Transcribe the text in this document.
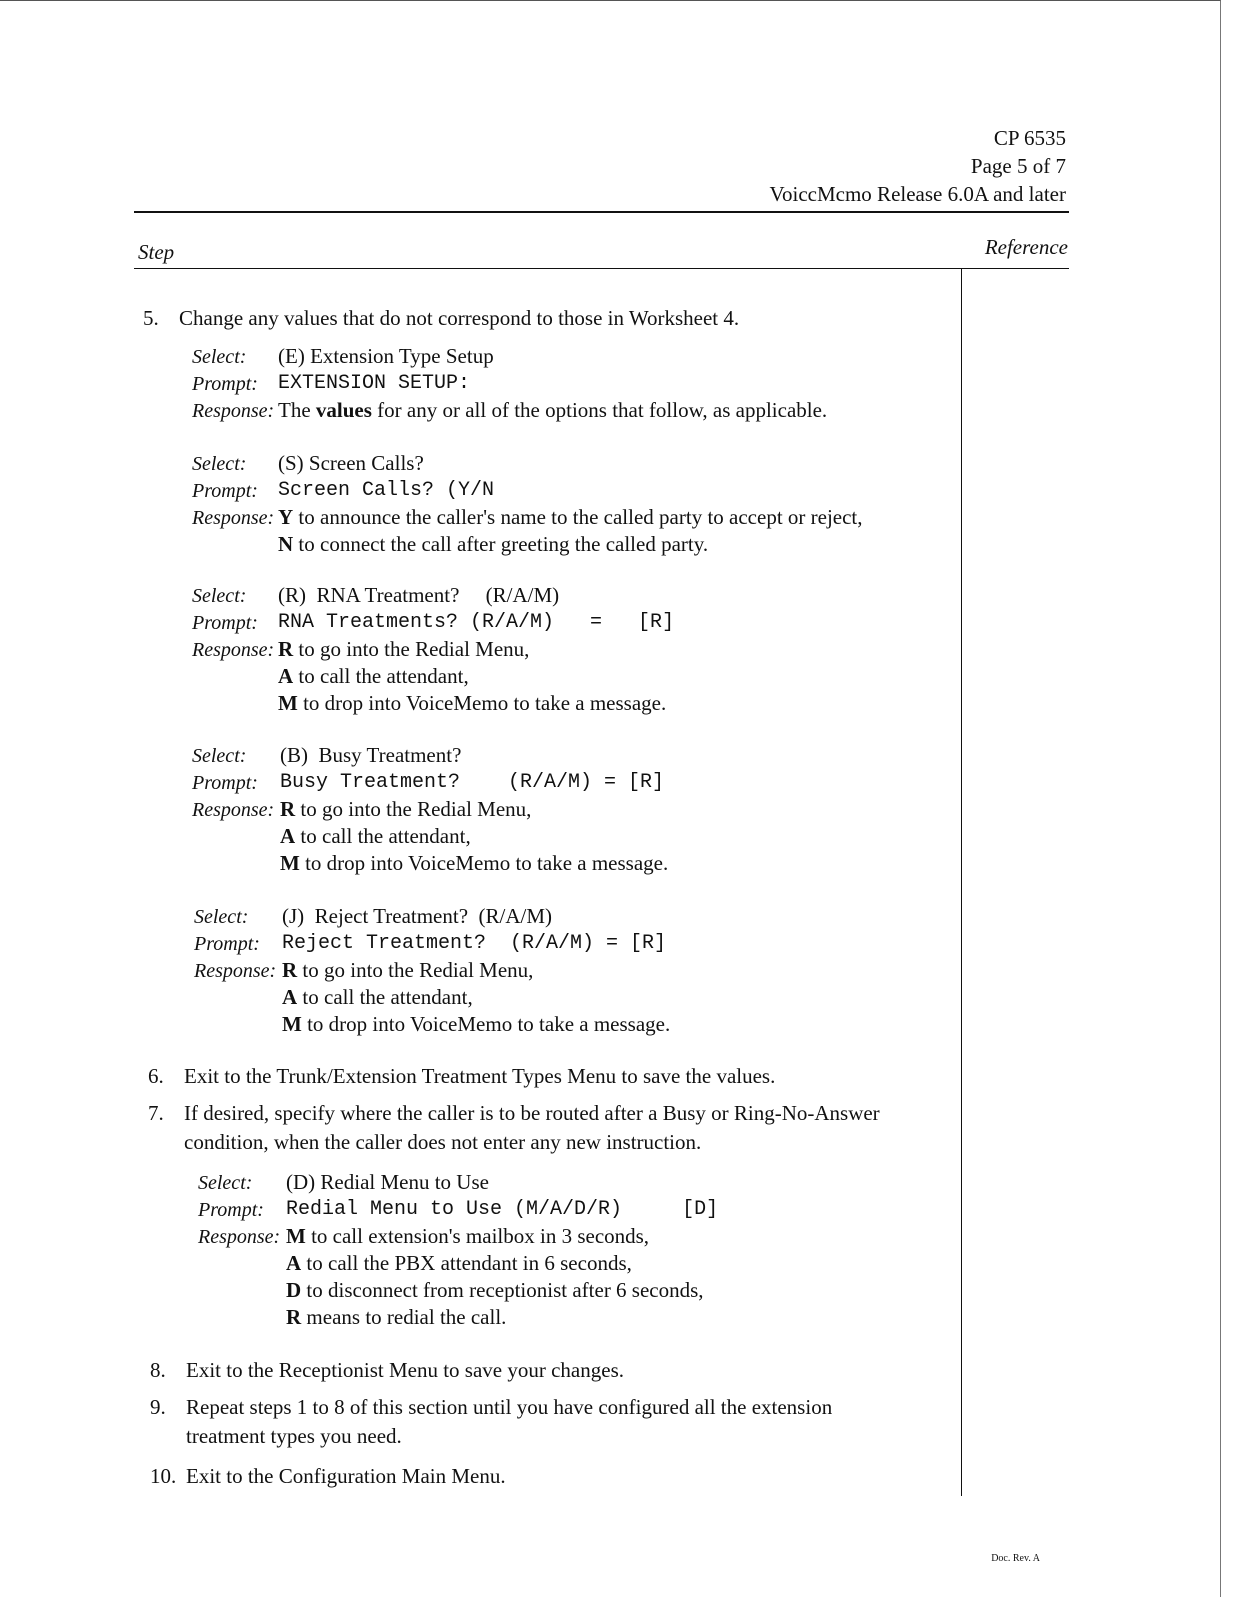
CP 6535
Page 5 of 7
VoiccMcmo Release 6.0A and later
Step	Reference
5. Change any values that do not correspond to those in Worksheet 4.
Select: (E) Extension Type Setup
Prompt: EXTENSION SETUP:
Response: The values for any or all of the options that follow, as applicable.
Select: (S) Screen Calls?
Prompt: Screen Calls? (Y/N
Response: Y to announce the caller's name to the called party to accept or reject,
N to connect the call after greeting the called party.
Select: (R)  RNA Treatment?     (R/A/M)
Prompt: RNA Treatments? (R/A/M)   =   [R]
Response: R to go into the Redial Menu,
A to call the attendant,
M to drop into VoiceMemo to take a message.
Select: (B)  Busy Treatment?
Prompt: Busy Treatment?    (R/A/M) = [R]
Response: R to go into the Redial Menu,
A to call the attendant,
M to drop into VoiceMemo to take a message.
Select: (J)  Reject Treatment?  (R/A/M)
Prompt: Reject Treatment?  (R/A/M) = [R]
Response: R to go into the Redial Menu,
A to call the attendant,
M to drop into VoiceMemo to take a message.
6. Exit to the Trunk/Extension Treatment Types Menu to save the values.
7. If desired, specify where the caller is to be routed after a Busy or Ring-No-Answer
condition, when the caller does not enter any new instruction.
Select: (D) Redial Menu to Use
Prompt: Redial Menu to Use (M/A/D/R)     [D]
Response: M to call extension's mailbox in 3 seconds,
A to call the PBX attendant in 6 seconds,
D to disconnect from receptionist after 6 seconds,
R means to redial the call.
8. Exit to the Receptionist Menu to save your changes.
9. Repeat steps 1 to 8 of this section until you have configured all the extension
treatment types you need.
10. Exit to the Configuration Main Menu.
Doc. Rev. A
